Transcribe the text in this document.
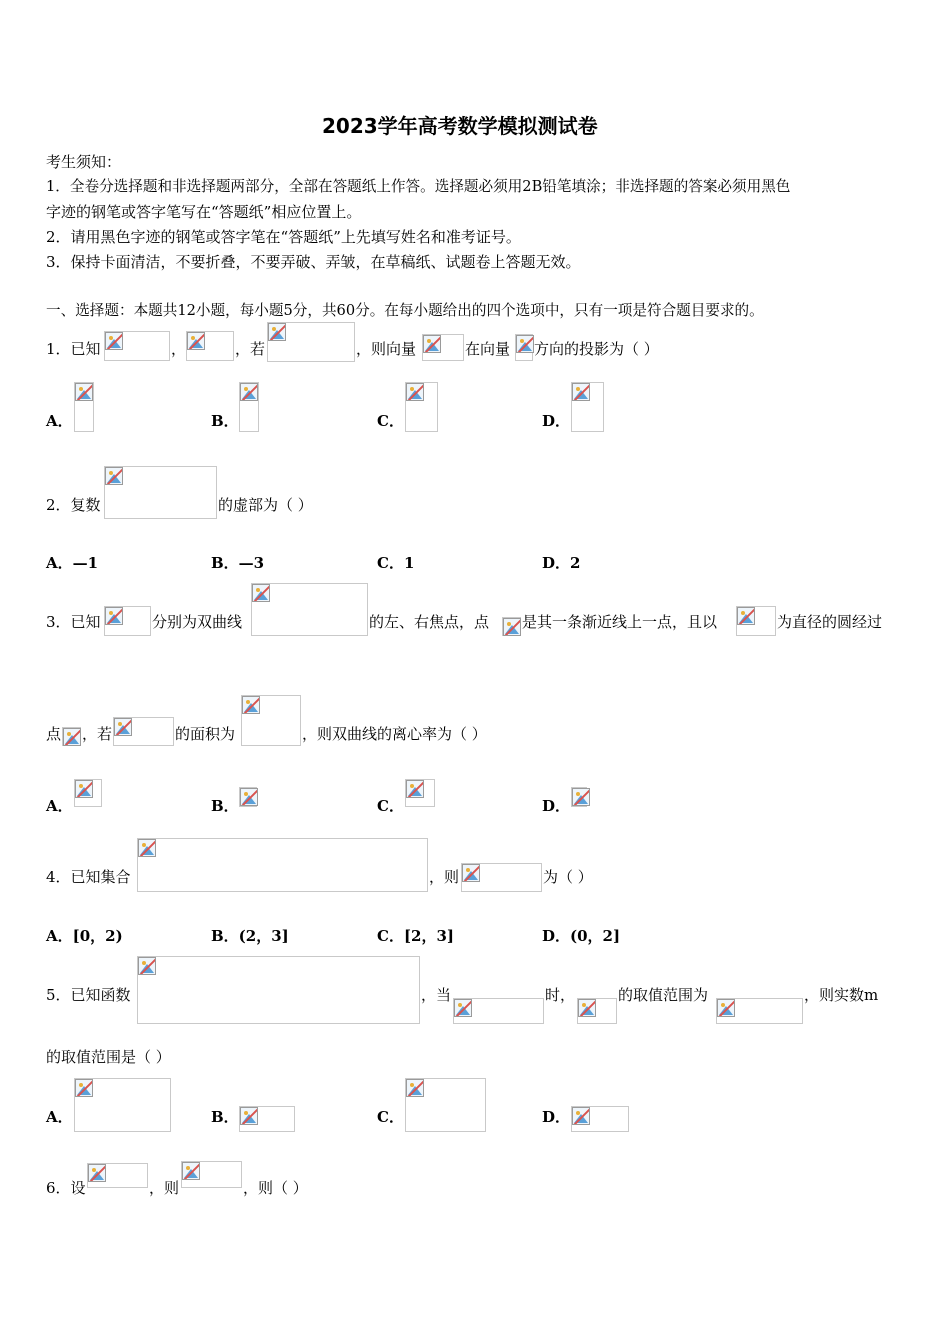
2023学年高考数学模拟测试卷
考生须知：
1．全卷分选择题和非选择题两部分，全部在答题纸上作答。选择题必须用2B铅笔填涂；非选择题的答案必须用黑色
字迹的钢笔或答字笔写在“答题纸”相应位置上。
2．请用黑色字迹的钢笔或答字笔在“答题纸”上先填写姓名和准考证号。
3．保持卡面清洁，不要折叠，不要弄破、弄皱，在草稿纸、试题卷上答题无效。
一、选择题：本题共12小题，每小题5分，共60分。在每小题给出的四个选项中，只有一项是符合题目要求的。
1．已知	，	，若	，则向量	在向量 方向的投影为（ ）
A．	B．	C．	D．
2．复数	的虚部为（ ）
A．—1	B．—3	C．1	D．2
3．已知	分别为双曲线	的左、右焦点，点 是其一条渐近线上一点，且以	为直径的圆经过
点 ，若	的面积为	，则双曲线的离心率为（ ）
A．	B．	C．	D．
4．已知集合	，则	为（ ）
A．[0，2)	B．(2，3]	C．[2，3]	D．(0，2]
5．已知函数	，当	时，	的取值范围为	，则实数m
的取值范围是（ ）
A．	B．	C．	D．
6．设	，则	，则（ ）
